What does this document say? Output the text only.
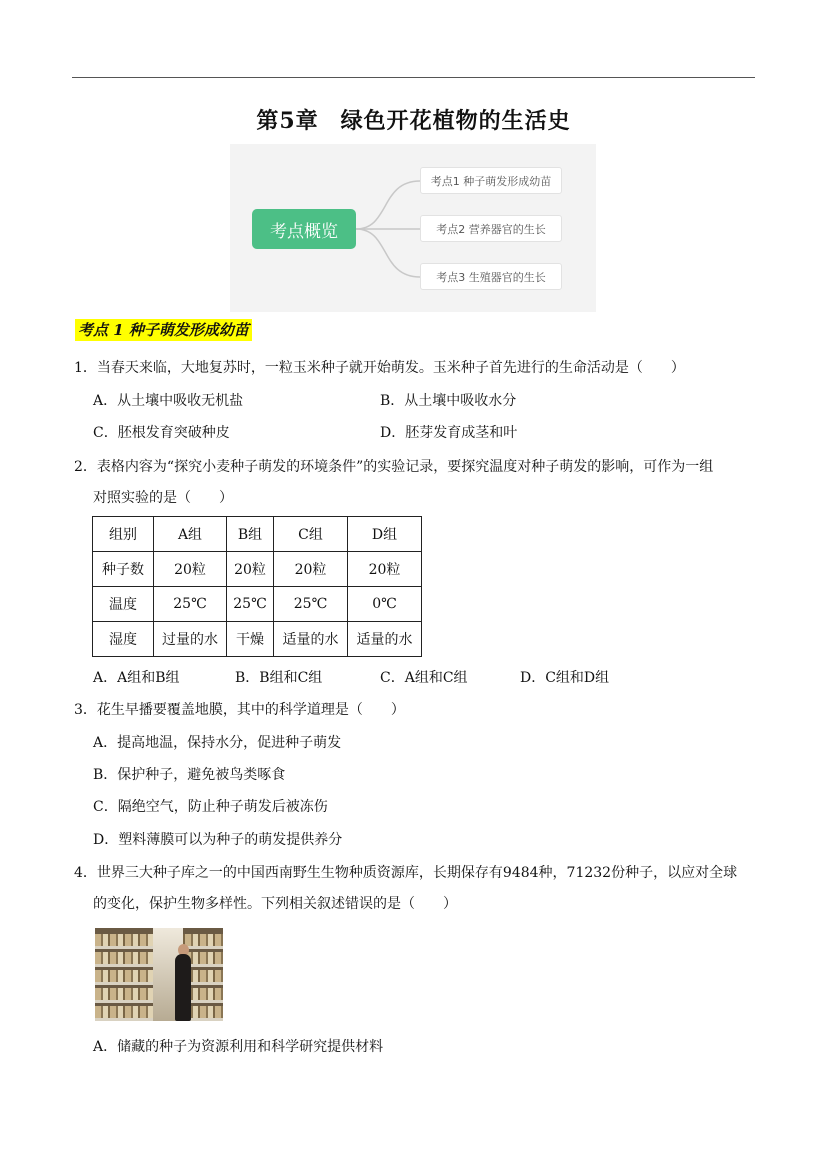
第5章 绿色开花植物的生活史
考点概览
考点1 种子萌发形成幼苗
考点2 营养器官的生长
考点3 生殖器官的生长
考点 1 种子萌发形成幼苗
1．当春天来临，大地复苏时，一粒玉米种子就开始萌发。玉米种子首先进行的生命活动是（　　）
A．从土壤中吸收无机盐	B．从土壤中吸收水分
C．胚根发育突破种皮	D．胚芽发育成茎和叶
2．表格内容为“探究小麦种子萌发的环境条件”的实验记录，要探究温度对种子萌发的影响，可作为一组
对照实验的是（　　）
组别	A组	B组	C组	D组
种子数	20粒	20粒	20粒	20粒
温度	25℃	25℃	25℃	0℃
湿度	过量的水	干燥	适量的水	适量的水
A．A组和B组	B．B组和C组	C．A组和C组	D．C组和D组
3．花生早播要覆盖地膜，其中的科学道理是（　　）
A．提高地温，保持水分，促进种子萌发
B．保护种子，避免被鸟类啄食
C．隔绝空气，防止种子萌发后被冻伤
D．塑料薄膜可以为种子的萌发提供养分
4．世界三大种子库之一的中国西南野生生物种质资源库，长期保存有9484种，71232份种子，以应对全球
的变化，保护生物多样性。下列相关叙述错误的是（　　）
A．储藏的种子为资源利用和科学研究提供材料
